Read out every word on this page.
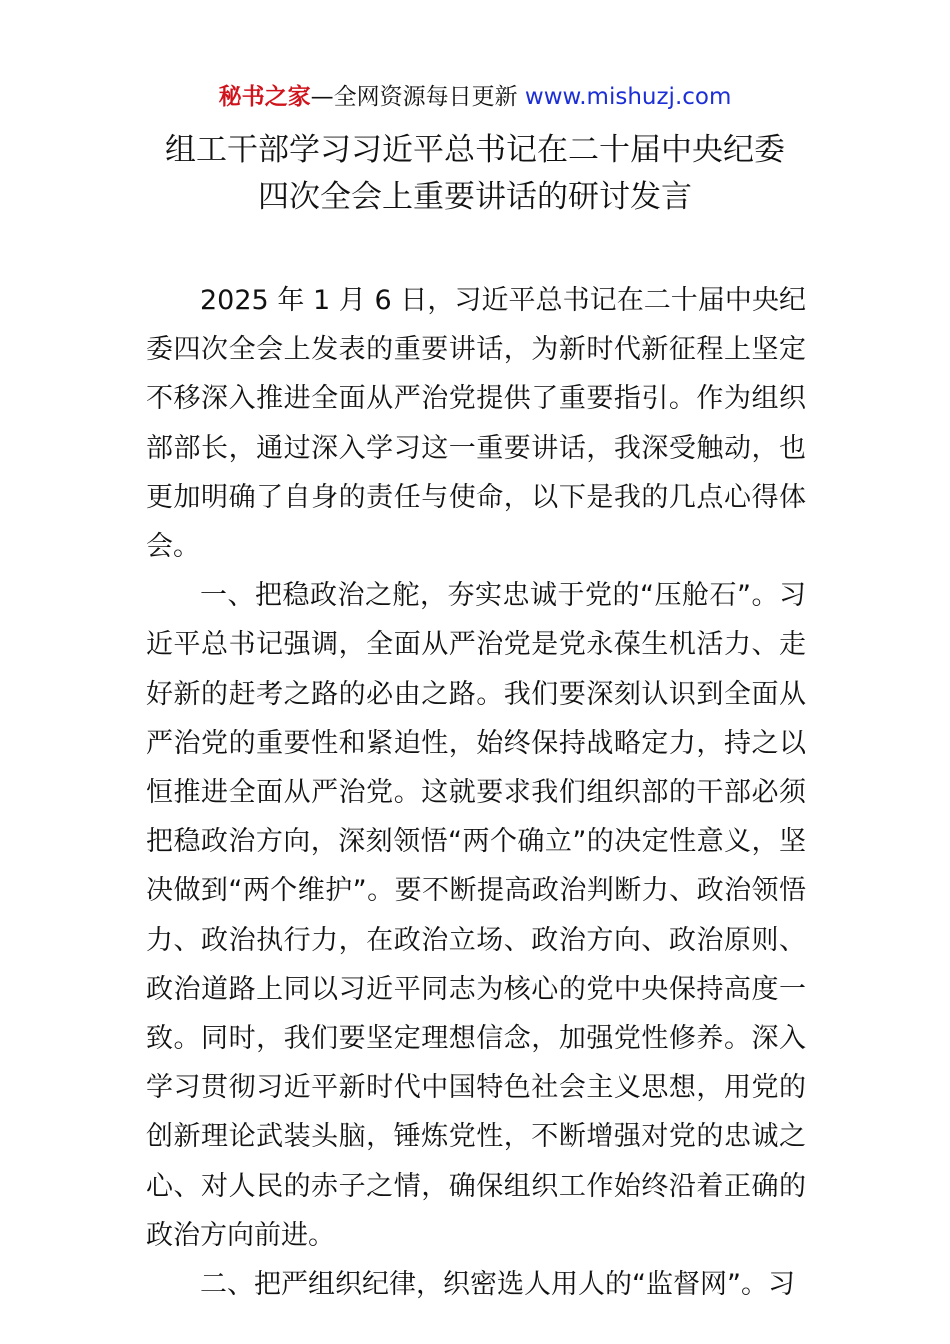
秘书之家—全网资源每日更新 www.mishuzj.com
组工干部学习习近平总书记在二十届中央纪委
四次全会上重要讲话的研讨发言

2025 年 1 月 6 日，习近平总书记在二十届中央纪委四次全会上发表的重要讲话，为新时代新征程上坚定不移深入推进全面从严治党提供了重要指引。作为组织部部长，通过深入学习这一重要讲话，我深受触动，也更加明确了自身的责任与使命，以下是我的几点心得体会。

一、把稳政治之舵，夯实忠诚于党的“压舱石”。习近平总书记强调，全面从严治党是党永葆生机活力、走好新的赶考之路的必由之路。我们要深刻认识到全面从严治党的重要性和紧迫性，始终保持战略定力，持之以恒推进全面从严治党。这就要求我们组织部的干部必须把稳政治方向，深刻领悟“两个确立”的决定性意义，坚决做到“两个维护”。要不断提高政治判断力、政治领悟力、政治执行力，在政治立场、政治方向、政治原则、政治道路上同以习近平同志为核心的党中央保持高度一致。同时，我们要坚定理想信念，加强党性修养。深入学习贯彻习近平新时代中国特色社会主义思想，用党的创新理论武装头脑，锤炼党性，不断增强对党的忠诚之心、对人民的赤子之情，确保组织工作始终沿着正确的政治方向前进。

二、把严组织纪律，织密选人用人的“监督网”。习
